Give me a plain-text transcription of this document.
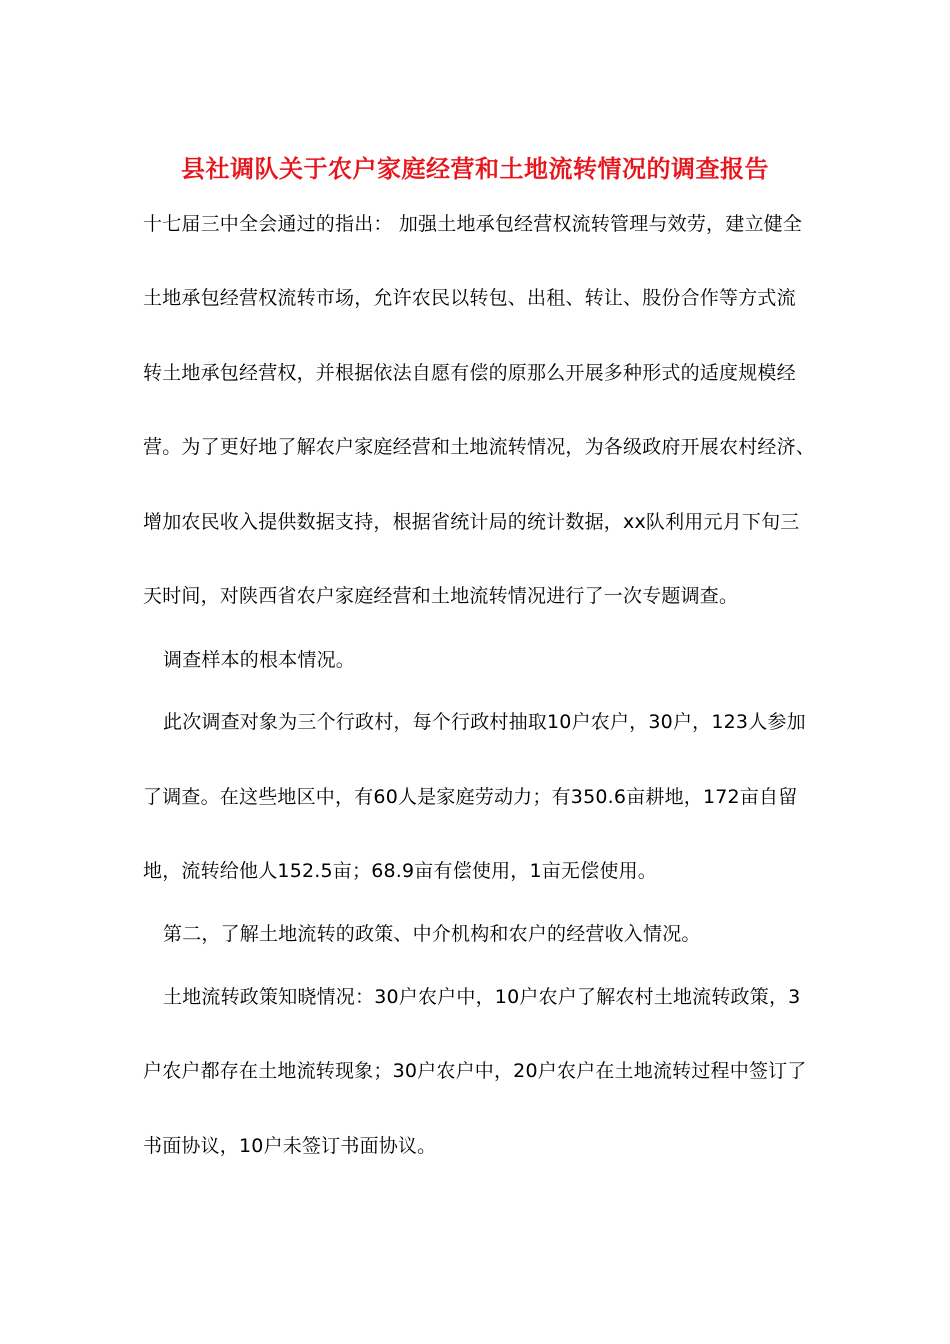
县社调队关于农户家庭经营和土地流转情况的调查报告
十七届三中全会通过的指出： 加强土地承包经营权流转管理与效劳，建立健全
土地承包经营权流转市场，允许农民以转包、出租、转让、股份合作等方式流
转土地承包经营权，并根据依法自愿有偿的原那么开展多种形式的适度规模经
营。为了更好地了解农户家庭经营和土地流转情况，为各级政府开展农村经济、
增加农民收入提供数据支持，根据省统计局的统计数据，xx队利用元月下旬三
天时间，对陕西省农户家庭经营和土地流转情况进行了一次专题调查。
调查样本的根本情况。
此次调查对象为三个行政村，每个行政村抽取10户农户，30户，123人参加
了调查。在这些地区中，有60人是家庭劳动力；有350.6亩耕地，172亩自留
地，流转给他人152.5亩；68.9亩有偿使用，1亩无偿使用。
第二，了解土地流转的政策、中介机构和农户的经营收入情况。
土地流转政策知晓情况：30户农户中，10户农户了解农村土地流转政策，3
户农户都存在土地流转现象；30户农户中，20户农户在土地流转过程中签订了
书面协议，10户未签订书面协议。
